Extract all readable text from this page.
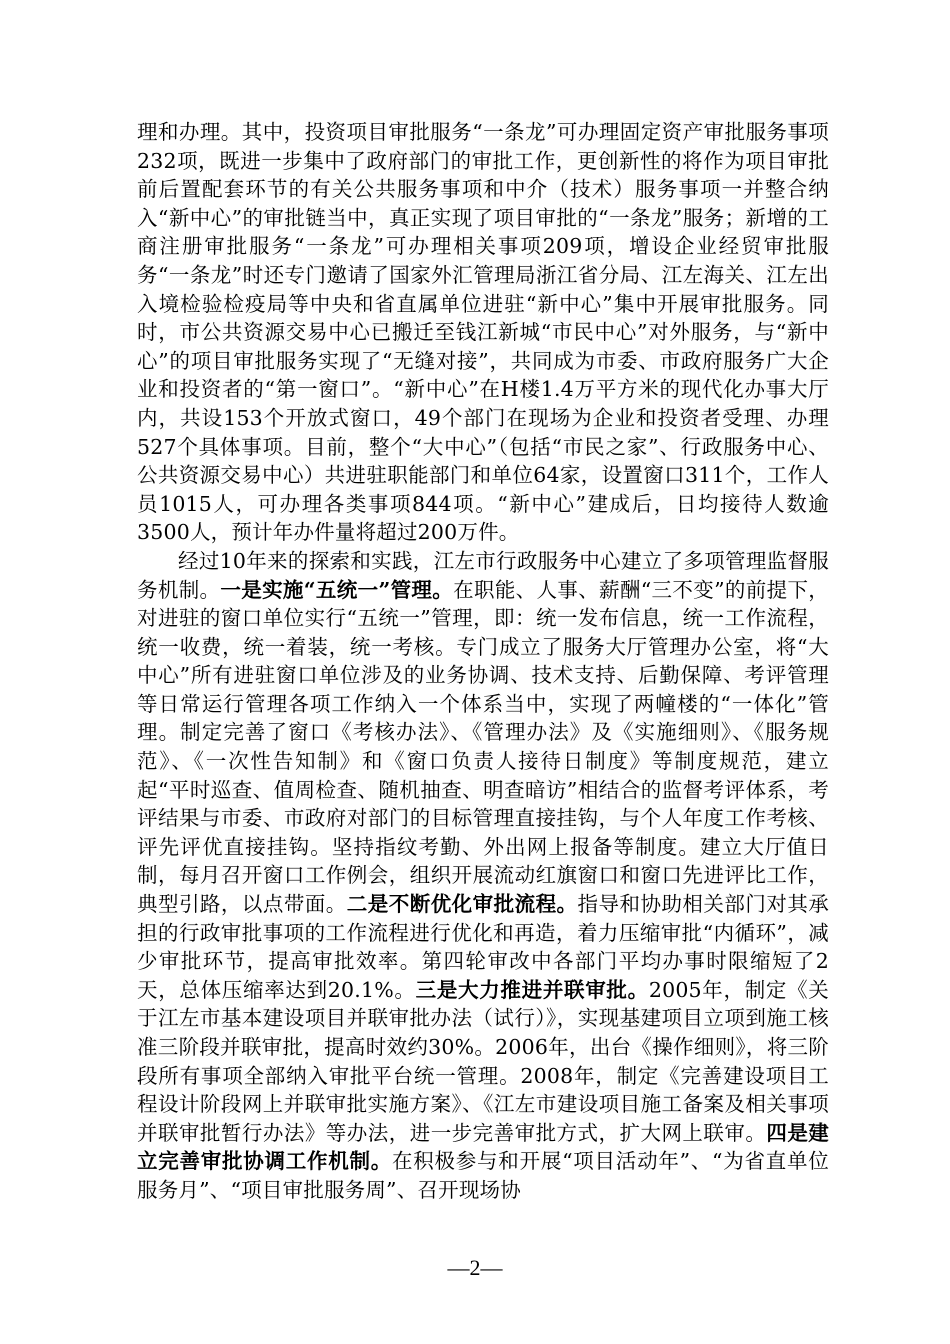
理和办理。其中，投资项目审批服务“一条龙”可办理固定资产审批服务事项232项，既进一步集中了政府部门的审批工作，更创新性的将作为项目审批前后置配套环节的有关公共服务事项和中介（技术）服务事项一并整合纳入“新中心”的审批链当中，真正实现了项目审批的“一条龙”服务；新增的工商注册审批服务“一条龙”可办理相关事项209项，增设企业经贸审批服务“一条龙”时还专门邀请了国家外汇管理局浙江省分局、江左海关、江左出入境检验检疫局等中央和省直属单位进驻“新中心”集中开展审批服务。同时，市公共资源交易中心已搬迁至钱江新城“市民中心”对外服务，与“新中心”的项目审批服务实现了“无缝对接”，共同成为市委、市政府服务广大企业和投资者的“第一窗口”。“新中心”在H楼1.4万平方米的现代化办事大厅内，共设153个开放式窗口，49个部门在现场为企业和投资者受理、办理527个具体事项。目前，整个“大中心”（包括“市民之家”、行政服务中心、公共资源交易中心）共进驻职能部门和单位64家，设置窗口311个，工作人员1015人，可办理各类事项844项。“新中心”建成后，日均接待人数逾3500人，预计年办件量将超过200万件。

经过10年来的探索和实践，江左市行政服务中心建立了多项管理监督服务机制。一是实施“五统一”管理。在职能、人事、薪酬“三不变”的前提下，对进驻的窗口单位实行“五统一”管理，即：统一发布信息，统一工作流程，统一收费，统一着装，统一考核。专门成立了服务大厅管理办公室，将“大中心”所有进驻窗口单位涉及的业务协调、技术支持、后勤保障、考评管理等日常运行管理各项工作纳入一个体系当中，实现了两幢楼的“一体化”管理。制定完善了窗口《考核办法》、《管理办法》及《实施细则》、《服务规范》、《一次性告知制》和《窗口负责人接待日制度》等制度规范，建立起“平时巡查、值周检查、随机抽查、明查暗访”相结合的监督考评体系，考评结果与市委、市政府对部门的目标管理直接挂钩，与个人年度工作考核、评先评优直接挂钩。坚持指纹考勤、外出网上报备等制度。建立大厅值日制，每月召开窗口工作例会，组织开展流动红旗窗口和窗口先进评比工作，典型引路，以点带面。二是不断优化审批流程。指导和协助相关部门对其承担的行政审批事项的工作流程进行优化和再造，着力压缩审批“内循环”，减少审批环节，提高审批效率。第四轮审改中各部门平均办事时限缩短了2天，总体压缩率达到20.1%。三是大力推进并联审批。2005年，制定《关于江左市基本建设项目并联审批办法（试行）》，实现基建项目立项到施工核准三阶段并联审批，提高时效约30%。2006年，出台《操作细则》，将三阶段所有事项全部纳入审批平台统一管理。2008年，制定《完善建设项目工程设计阶段网上并联审批实施方案》、《江左市建设项目施工备案及相关事项并联审批暂行办法》等办法，进一步完善审批方式，扩大网上联审。四是建立完善审批协调工作机制。在积极参与和开展“项目活动年”、“为省直单位服务月”、“项目审批服务周”、召开现场协

—2—
